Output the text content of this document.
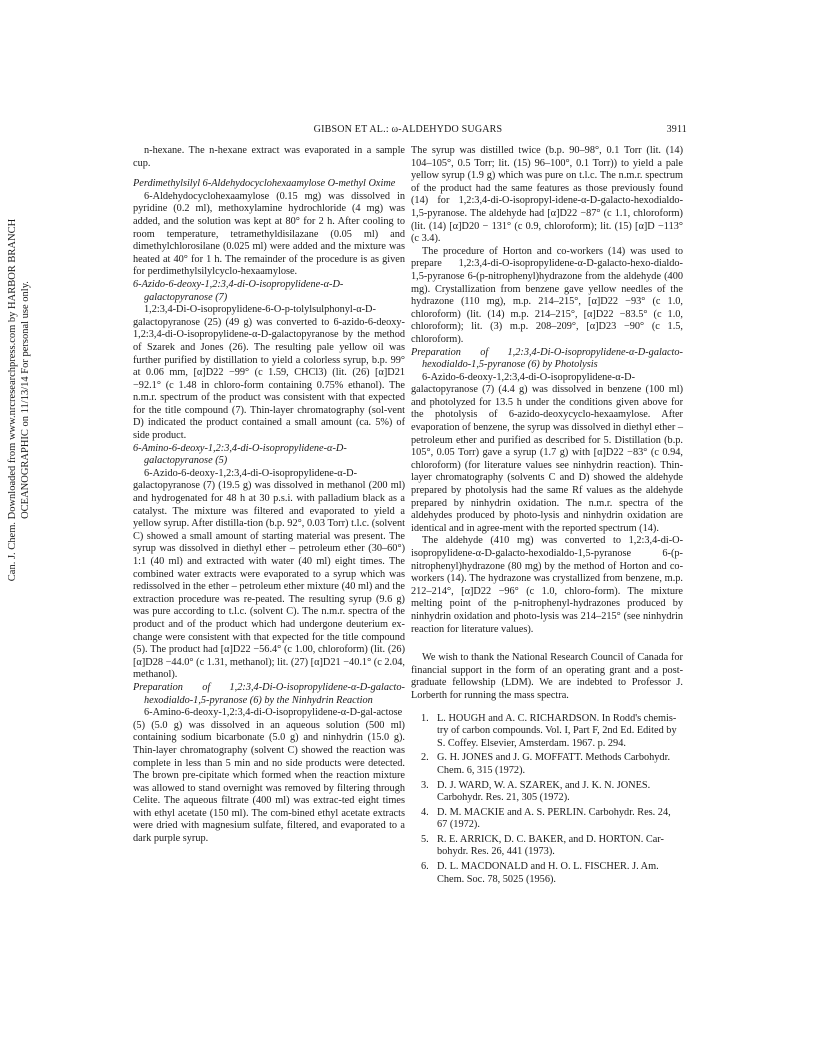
Can. J. Chem. Downloaded from www.nrcresearchpress.com by HARBOR BRANCH OCEANOGRAPHIC on 11/13/14 For personal use only.
GIBSON ET AL.: ω-ALDEHYDO SUGARS	3911

n-hexane. The n-hexane extract was evaporated in a sample cup.

Perdimethylsilyl 6-Aldehydocyclohexaamylose O-methyl Oxime

6-Aldehydocyclohexaamylose (0.15 mg) was dissolved in pyridine (0.2 ml), methoxylamine hydrochloride (4 mg) was added, and the solution was kept at 80° for 2 h. After cooling to room temperature, tetramethyldisilazane (0.05 ml) and dimethylchlorosilane (0.025 ml) were added and the mixture was heated at 40° for 1 h. The remainder of the procedure is as given for perdimethylsilylcyclo-hexaamylose.

6-Azido-6-deoxy-1,2:3,4-di-O-isopropylidene-α-D-galactopyranose (7)

1,2:3,4-Di-O-isopropylidene-6-O-p-tolylsulphonyl-α-D-galactopyranose (25) (49 g) was converted to 6-azido-6-deoxy-1,2:3,4-di-O-isopropylidene-α-D-galactopyranose by the method of Szarek and Jones (26). The resulting pale yellow oil was further purified by distillation to yield a colorless syrup, b.p. 99° at 0.06 mm, [α]D22 −99° (c 1.59, CHCl3) (lit. (26) [α]D21 −92.1° (c 1.48 in chloro-form containing 0.75% ethanol). The n.m.r. spectrum of the product was consistent with that expected for the title compound (7). Thin-layer chromatography (sol-vent D) indicated the product contained a small amount (ca. 5%) of side product.

6-Amino-6-deoxy-1,2:3,4-di-O-isopropylidene-α-D-galactopyranose (5)

6-Azido-6-deoxy-1,2:3,4-di-O-isopropylidene-α-D-galactopyranose (7) (19.5 g) was dissolved in methanol (200 ml) and hydrogenated for 48 h at 30 p.s.i. with palladium black as a catalyst. The mixture was filtered and evaporated to yield a yellow syrup. After distilla-tion (b.p. 92°, 0.03 Torr) t.l.c. (solvent C) showed a small amount of starting material was present. The syrup was dissolved in diethyl ether – petroleum ether (30–60°) 1:1 (40 ml) and extracted with water (40 ml) eight times. The combined water extracts were evaporated to a syrup which was redissolved in the ether – petroleum ether mixture (40 ml) and the extraction procedure was re-peated. The resulting syrup (9.6 g) was pure according to t.l.c. (solvent C). The n.m.r. spectra of the product and of the product which had undergone deuterium ex-change were consistent with that expected for the title compound (5). The product had [α]D22 −56.4° (c 1.00, chloroform) (lit. (26) [α]D28 −44.0° (c 1.31, methanol); lit. (27) [α]D21 −40.1° (c 2.04, methanol).

Preparation of 1,2:3,4-Di-O-isopropylidene-α-D-galacto-hexodialdo-1,5-pyranose (6) by the Ninhydrin Reaction

6-Amino-6-deoxy-1,2:3,4-di-O-isopropylidene-α-D-gal-actose (5) (5.0 g) was dissolved in an aqueous solution (500 ml) containing sodium bicarbonate (5.0 g) and ninhydrin (15.0 g). Thin-layer chromatography (solvent C) showed the reaction was complete in less than 5 min and no side products were detected. The brown pre-cipitate which formed when the reaction mixture was allowed to stand overnight was removed by filtering through Celite. The aqueous filtrate (400 ml) was extrac-ted eight times with ethyl acetate (150 ml). The com-bined ethyl acetate extracts were dried with magnesium sulfate, filtered, and evaporated to a dark purple syrup.

The syrup was distilled twice (b.p. 90–98°, 0.1 Torr (lit. (14) 104–105°, 0.5 Torr; lit. (15) 96–100°, 0.1 Torr)) to yield a pale yellow syrup (1.9 g) which was pure on t.l.c. The n.m.r. spectrum of the product had the same features as those previously found (14) for 1,2:3,4-di-O-isopropyl-idene-α-D-galacto-hexodialdo-1,5-pyranose. The aldehyde had [α]D22 −87° (c 1.1, chloroform) (lit. (14) [α]D20 − 131° (c 0.9, chloroform); lit. (15) [α]D −113° (c 3.4).

The procedure of Horton and co-workers (14) was used to prepare 1,2:3,4-di-O-isopropylidene-α-D-galacto-hexo-dialdo-1,5-pyranose 6-(p-nitrophenyl)hydrazone from the aldehyde (400 mg). Crystallization from benzene gave yellow needles of the hydrazone (110 mg), m.p. 214–215°, [α]D22 −93° (c 1.0, chloroform) (lit. (14) m.p. 214–215°, [α]D22 −83.5° (c 1.0, chloroform); lit. (3) m.p. 208–209°, [α]D23 −90° (c 1.5, chloroform).

Preparation of 1,2:3,4-Di-O-isopropylidene-α-D-galacto-hexodialdo-1,5-pyranose (6) by Photolysis

6-Azido-6-deoxy-1,2:3,4-di-O-isopropylidene-α-D-galactopyranose (7) (4.4 g) was dissolved in benzene (100 ml) and photolyzed for 13.5 h under the conditions given above for the photolysis of 6-azido-deoxycyclo-hexaamylose. After evaporation of benzene, the syrup was dissolved in diethyl ether – petroleum ether and purified as described for 5. Distillation (b.p. 105°, 0.05 Torr) gave a syrup (1.7 g) with [α]D22 −83° (c 0.94, chloroform) (for literature values see ninhydrin reaction). Thin-layer chromatography (solvents C and D) showed the aldehyde prepared by photolysis had the same Rf values as the aldehyde prepared by ninhydrin oxidation. The n.m.r. spectra of the aldehydes produced by photo-lysis and ninhydrin oxidation are identical and in agree-ment with the reported spectrum (14).

The aldehyde (410 mg) was converted to 1,2:3,4-di-O-isopropylidene-α-D-galacto-hexodialdo-1,5-pyranose 6-(p-nitrophenyl)hydrazone (80 mg) by the method of Horton and co-workers (14). The hydrazone was crystallized from benzene, m.p. 212–214°, [α]D22 −96° (c 1.0, chloro-form). The mixture melting point of the p-nitrophenyl-hydrazones produced by ninhydrin oxidation and photo-lysis was 214–215° (see ninhydrin reaction for literature values).

We wish to thank the National Research Council of Canada for financial support in the form of an operating grant and a post-graduate fellowship (LDM). We are indebted to Professor J. Lorberth for running the mass spectra.

1. L. HOUGH and A. C. RICHARDSON. In Rodd's chemis-try of carbon compounds. Vol. I, Part F, 2nd Ed. Edited by S. Coffey. Elsevier, Amsterdam. 1967. p. 294.
2. G. H. JONES and J. G. MOFFATT. Methods Carbohydr. Chem. 6, 315 (1972).
3. D. J. WARD, W. A. SZAREK, and J. K. N. JONES. Carbohydr. Res. 21, 305 (1972).
4. D. M. MACKIE and A. S. PERLIN. Carbohydr. Res. 24, 67 (1972).
5. R. E. ARRICK, D. C. BAKER, and D. HORTON. Car-bohydr. Res. 26, 441 (1973).
6. D. L. MACDONALD and H. O. L. FISCHER. J. Am. Chem. Soc. 78, 5025 (1956).
